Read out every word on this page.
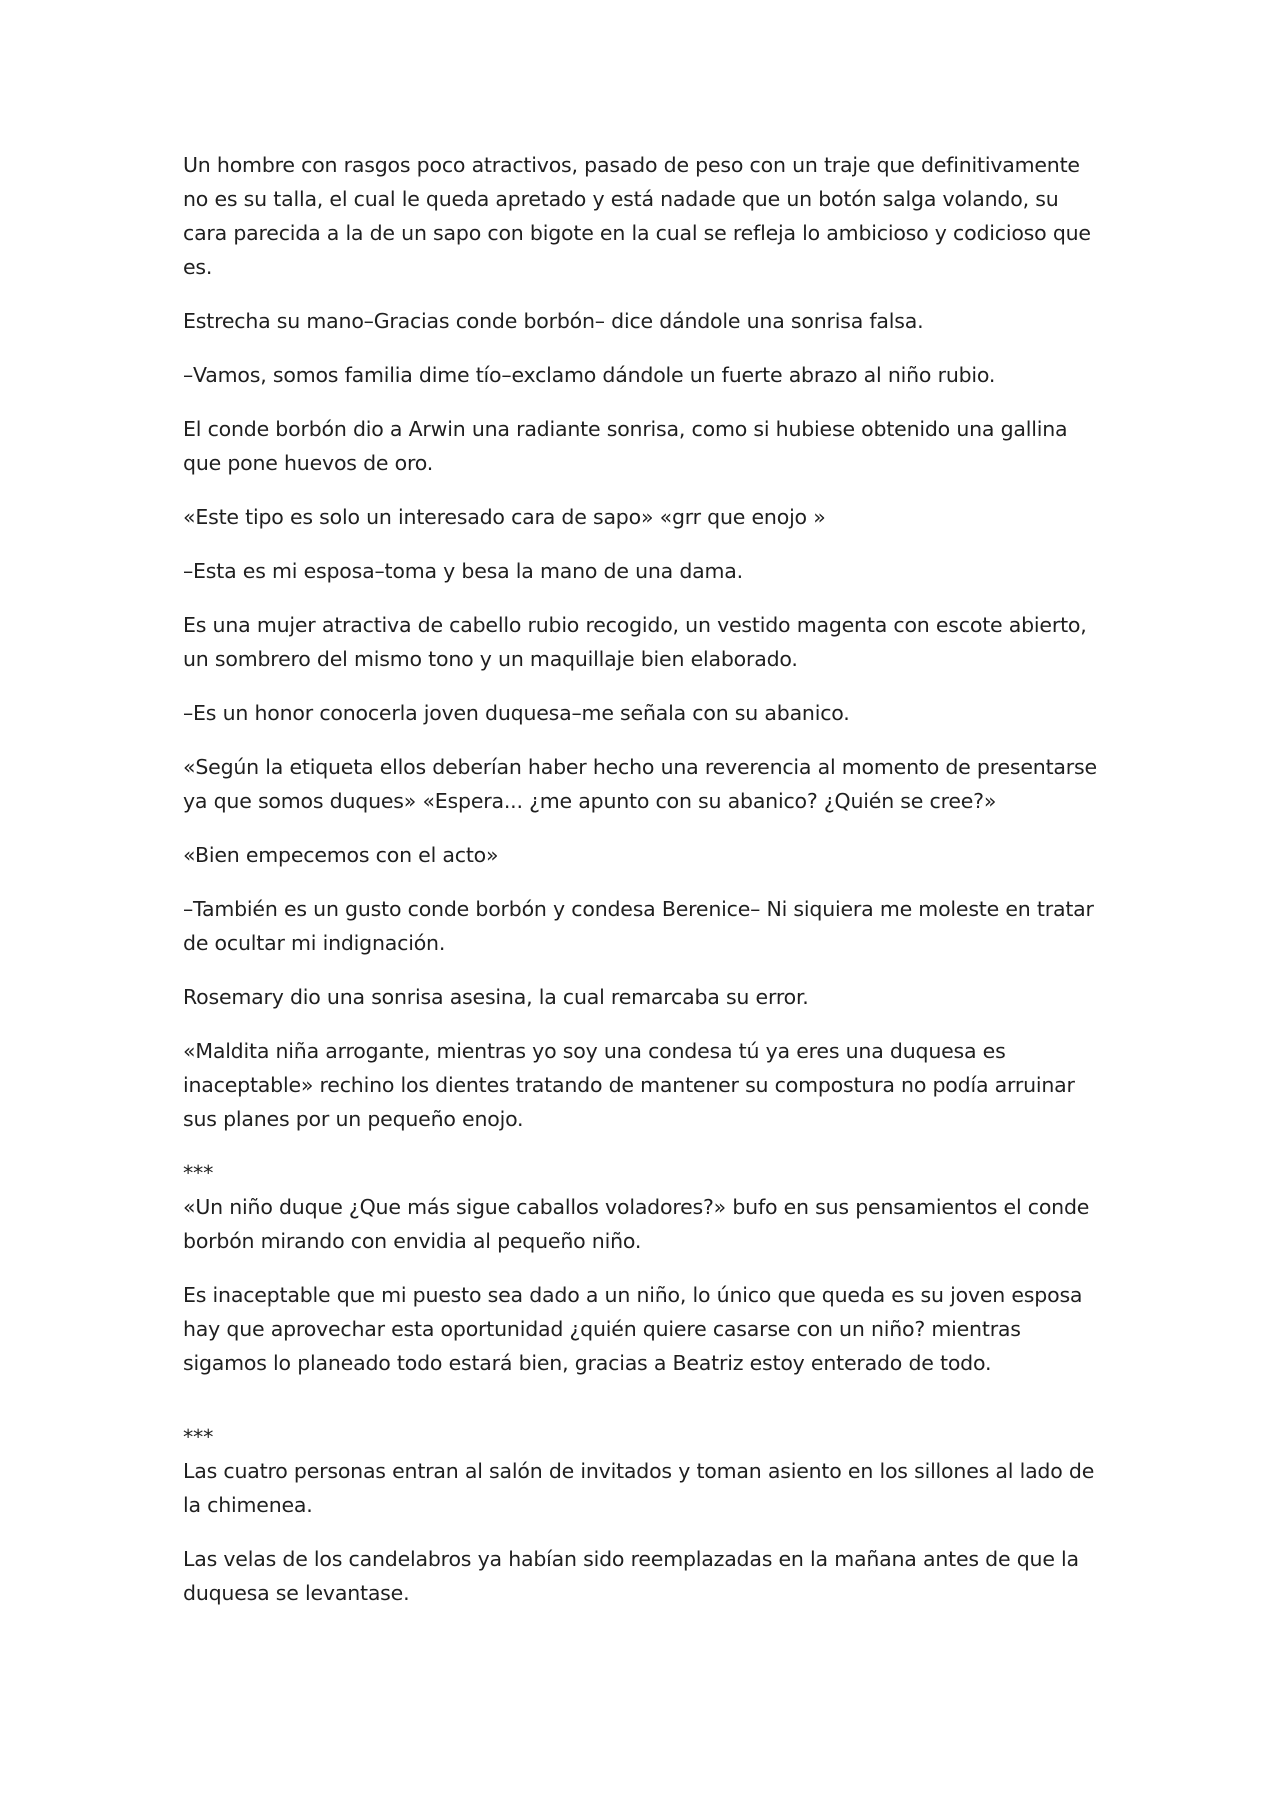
Un hombre con rasgos poco atractivos, pasado de peso con un traje que definitivamente no es su talla, el cual le queda apretado y está nadade que un botón salga volando, su cara parecida a la de un sapo con bigote en la cual se refleja lo ambicioso y codicioso que es.

Estrecha su mano–Gracias conde borbón– dice dándole una sonrisa falsa.

–Vamos, somos familia dime tío–exclamo dándole un fuerte abrazo al niño rubio.

El conde borbón dio a Arwin una radiante sonrisa, como si hubiese obtenido una gallina que pone huevos de oro.

«Este tipo es solo un interesado cara de sapo» «grr que enojo »

–Esta es mi esposa–toma y besa la mano de una dama.

Es una mujer atractiva de cabello rubio recogido, un vestido magenta con escote abierto, un sombrero del mismo tono y un maquillaje bien elaborado.

–Es un honor conocerla joven duquesa–me señala con su abanico.

«Según la etiqueta ellos deberían haber hecho una reverencia al momento de presentarse ya que somos duques» «Espera... ¿me apunto con su abanico? ¿Quién se cree?»

«Bien empecemos con el acto»

–También es un gusto conde borbón y condesa Berenice– Ni siquiera me moleste en tratar de ocultar mi indignación.

Rosemary dio una sonrisa asesina, la cual remarcaba su error.

«Maldita niña arrogante, mientras yo soy una condesa tú ya eres una duquesa es inaceptable» rechino los dientes tratando de mantener su compostura no podía arruinar sus planes por un pequeño enojo.

***

«Un niño duque ¿Que más sigue caballos voladores?» bufo en sus pensamientos el conde borbón mirando con envidia al pequeño niño.

Es inaceptable que mi puesto sea dado a un niño, lo único que queda es su joven esposa hay que aprovechar esta oportunidad ¿quién quiere casarse con un niño? mientras sigamos lo planeado todo estará bien, gracias a Beatriz estoy enterado de todo.

***

Las cuatro personas entran al salón de invitados y toman asiento en los sillones al lado de la chimenea.

Las velas de los candelabros ya habían sido reemplazadas en la mañana antes de que la duquesa se levantase.
